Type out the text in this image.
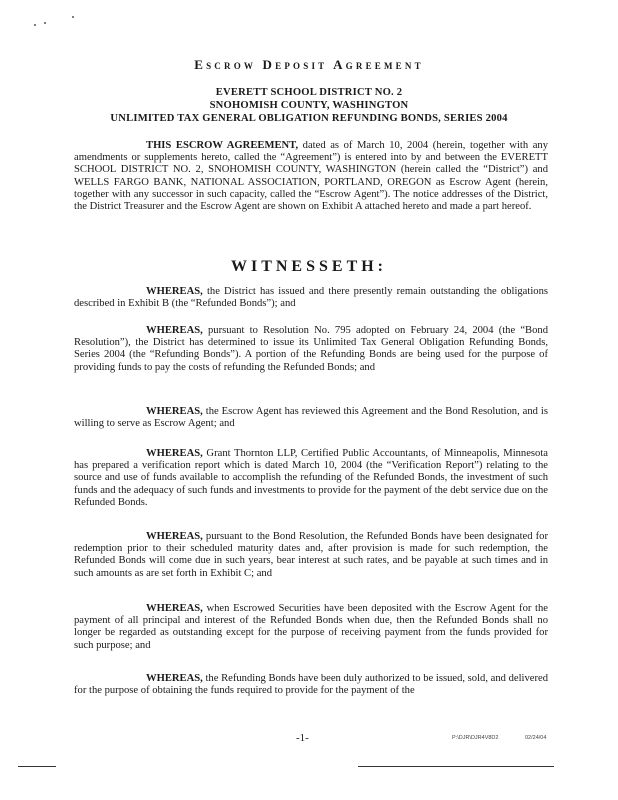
Escrow Deposit Agreement
EVERETT SCHOOL DISTRICT NO. 2
SNOHOMISH COUNTY, WASHINGTON
UNLIMITED TAX GENERAL OBLIGATION REFUNDING BONDS, SERIES 2004

THIS ESCROW AGREEMENT, dated as of March 10, 2004 (herein, together with any amendments or supplements hereto, called the “Agreement”) is entered into by and between the EVERETT SCHOOL DISTRICT NO. 2, SNOHOMISH COUNTY, WASHINGTON (herein called the “District”) and WELLS FARGO BANK, NATIONAL ASSOCIATION, PORTLAND, OREGON as Escrow Agent (herein, together with any successor in such capacity, called the “Escrow Agent”). The notice addresses of the District, the District Treasurer and the Escrow Agent are shown on Exhibit A attached hereto and made a part hereof.

WITNESSETH:

WHEREAS, the District has issued and there presently remain outstanding the obligations described in Exhibit B (the “Refunded Bonds”); and

WHEREAS, pursuant to Resolution No. 795 adopted on February 24, 2004 (the “Bond Resolution”), the District has determined to issue its Unlimited Tax General Obligation Refunding Bonds, Series 2004 (the “Refunding Bonds”). A portion of the Refunding Bonds are being used for the purpose of providing funds to pay the costs of refunding the Refunded Bonds; and

WHEREAS, the Escrow Agent has reviewed this Agreement and the Bond Resolution, and is willing to serve as Escrow Agent; and

WHEREAS, Grant Thornton LLP, Certified Public Accountants, of Minneapolis, Minnesota has prepared a verification report which is dated March 10, 2004 (the “Verification Report”) relating to the source and use of funds available to accomplish the refunding of the Refunded Bonds, the investment of such funds and the adequacy of such funds and investments to provide for the payment of the debt service due on the Refunded Bonds.

WHEREAS, pursuant to the Bond Resolution, the Refunded Bonds have been designated for redemption prior to their scheduled maturity dates and, after provision is made for such redemption, the Refunded Bonds will come due in such years, bear interest at such rates, and be payable at such times and in such amounts as are set forth in Exhibit C; and

WHEREAS, when Escrowed Securities have been deposited with the Escrow Agent for the payment of all principal and interest of the Refunded Bonds when due, then the Refunded Bonds shall no longer be regarded as outstanding except for the purpose of receiving payment from the funds provided for such purpose; and

WHEREAS, the Refunding Bonds have been duly authorized to be issued, sold, and delivered for the purpose of obtaining the funds required to provide for the payment of the

-1-	P:\DJR\DJR4V8D2	02/24/04
